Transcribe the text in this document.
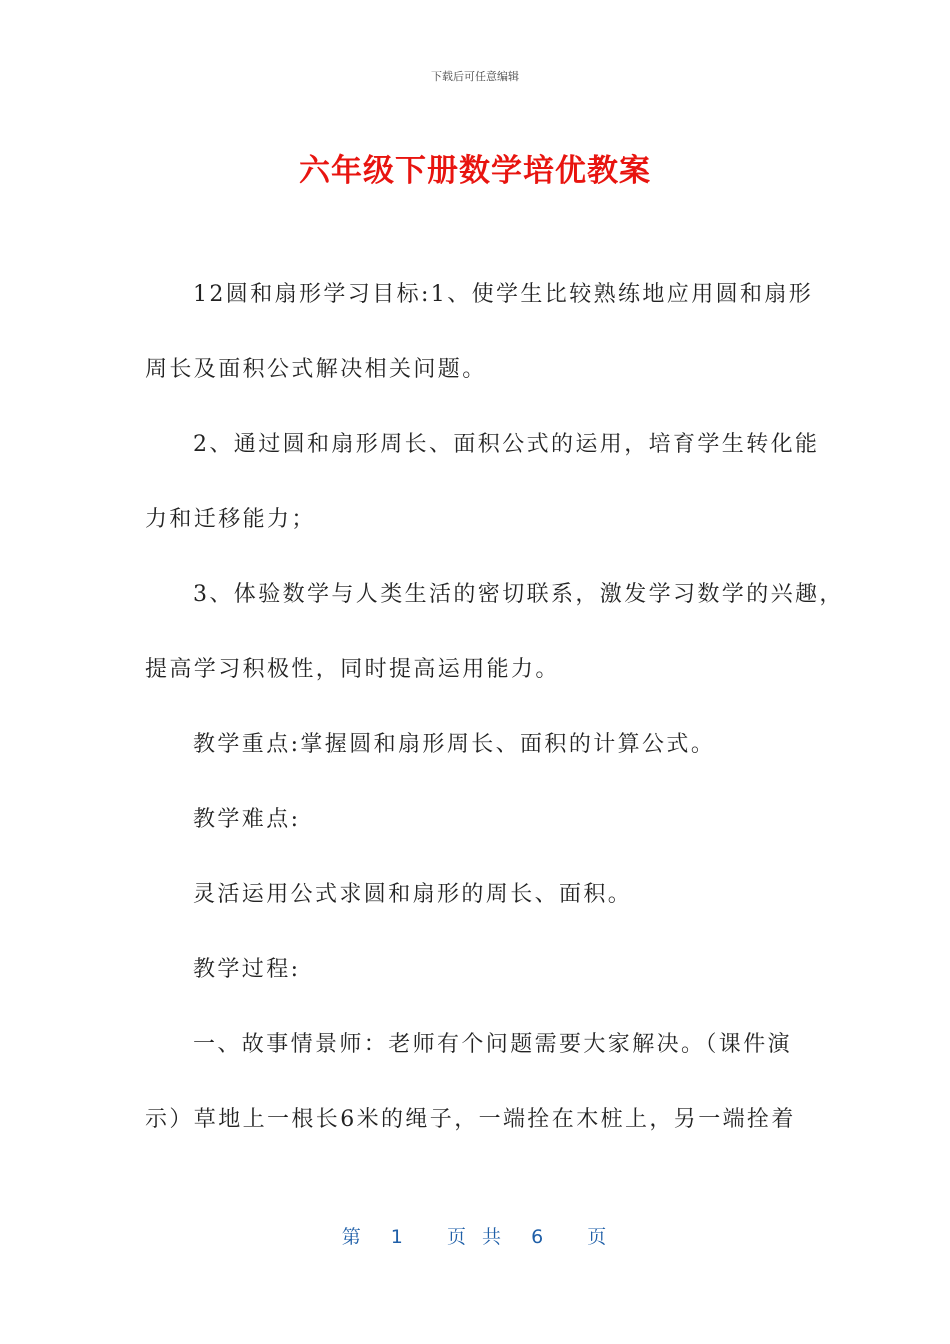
下载后可任意编辑
六年级下册数学培优教案
12圆和扇形学习目标:1、使学生比较熟练地应用圆和扇形
周长及面积公式解决相关问题。
2、通过圆和扇形周长、面积公式的运用，培育学生转化能
力和迁移能力；
3、体验数学与人类生活的密切联系，激发学习数学的兴趣，
提高学习积极性，同时提高运用能力。
教学重点:掌握圆和扇形周长、面积的计算公式。
教学难点:
灵活运用公式求圆和扇形的周长、面积。
教学过程:
一、故事情景师：老师有个问题需要大家解决。（课件演
示）草地上一根长6米的绳子，一端拴在木桩上，另一端拴着
第  1   页 共  6   页
